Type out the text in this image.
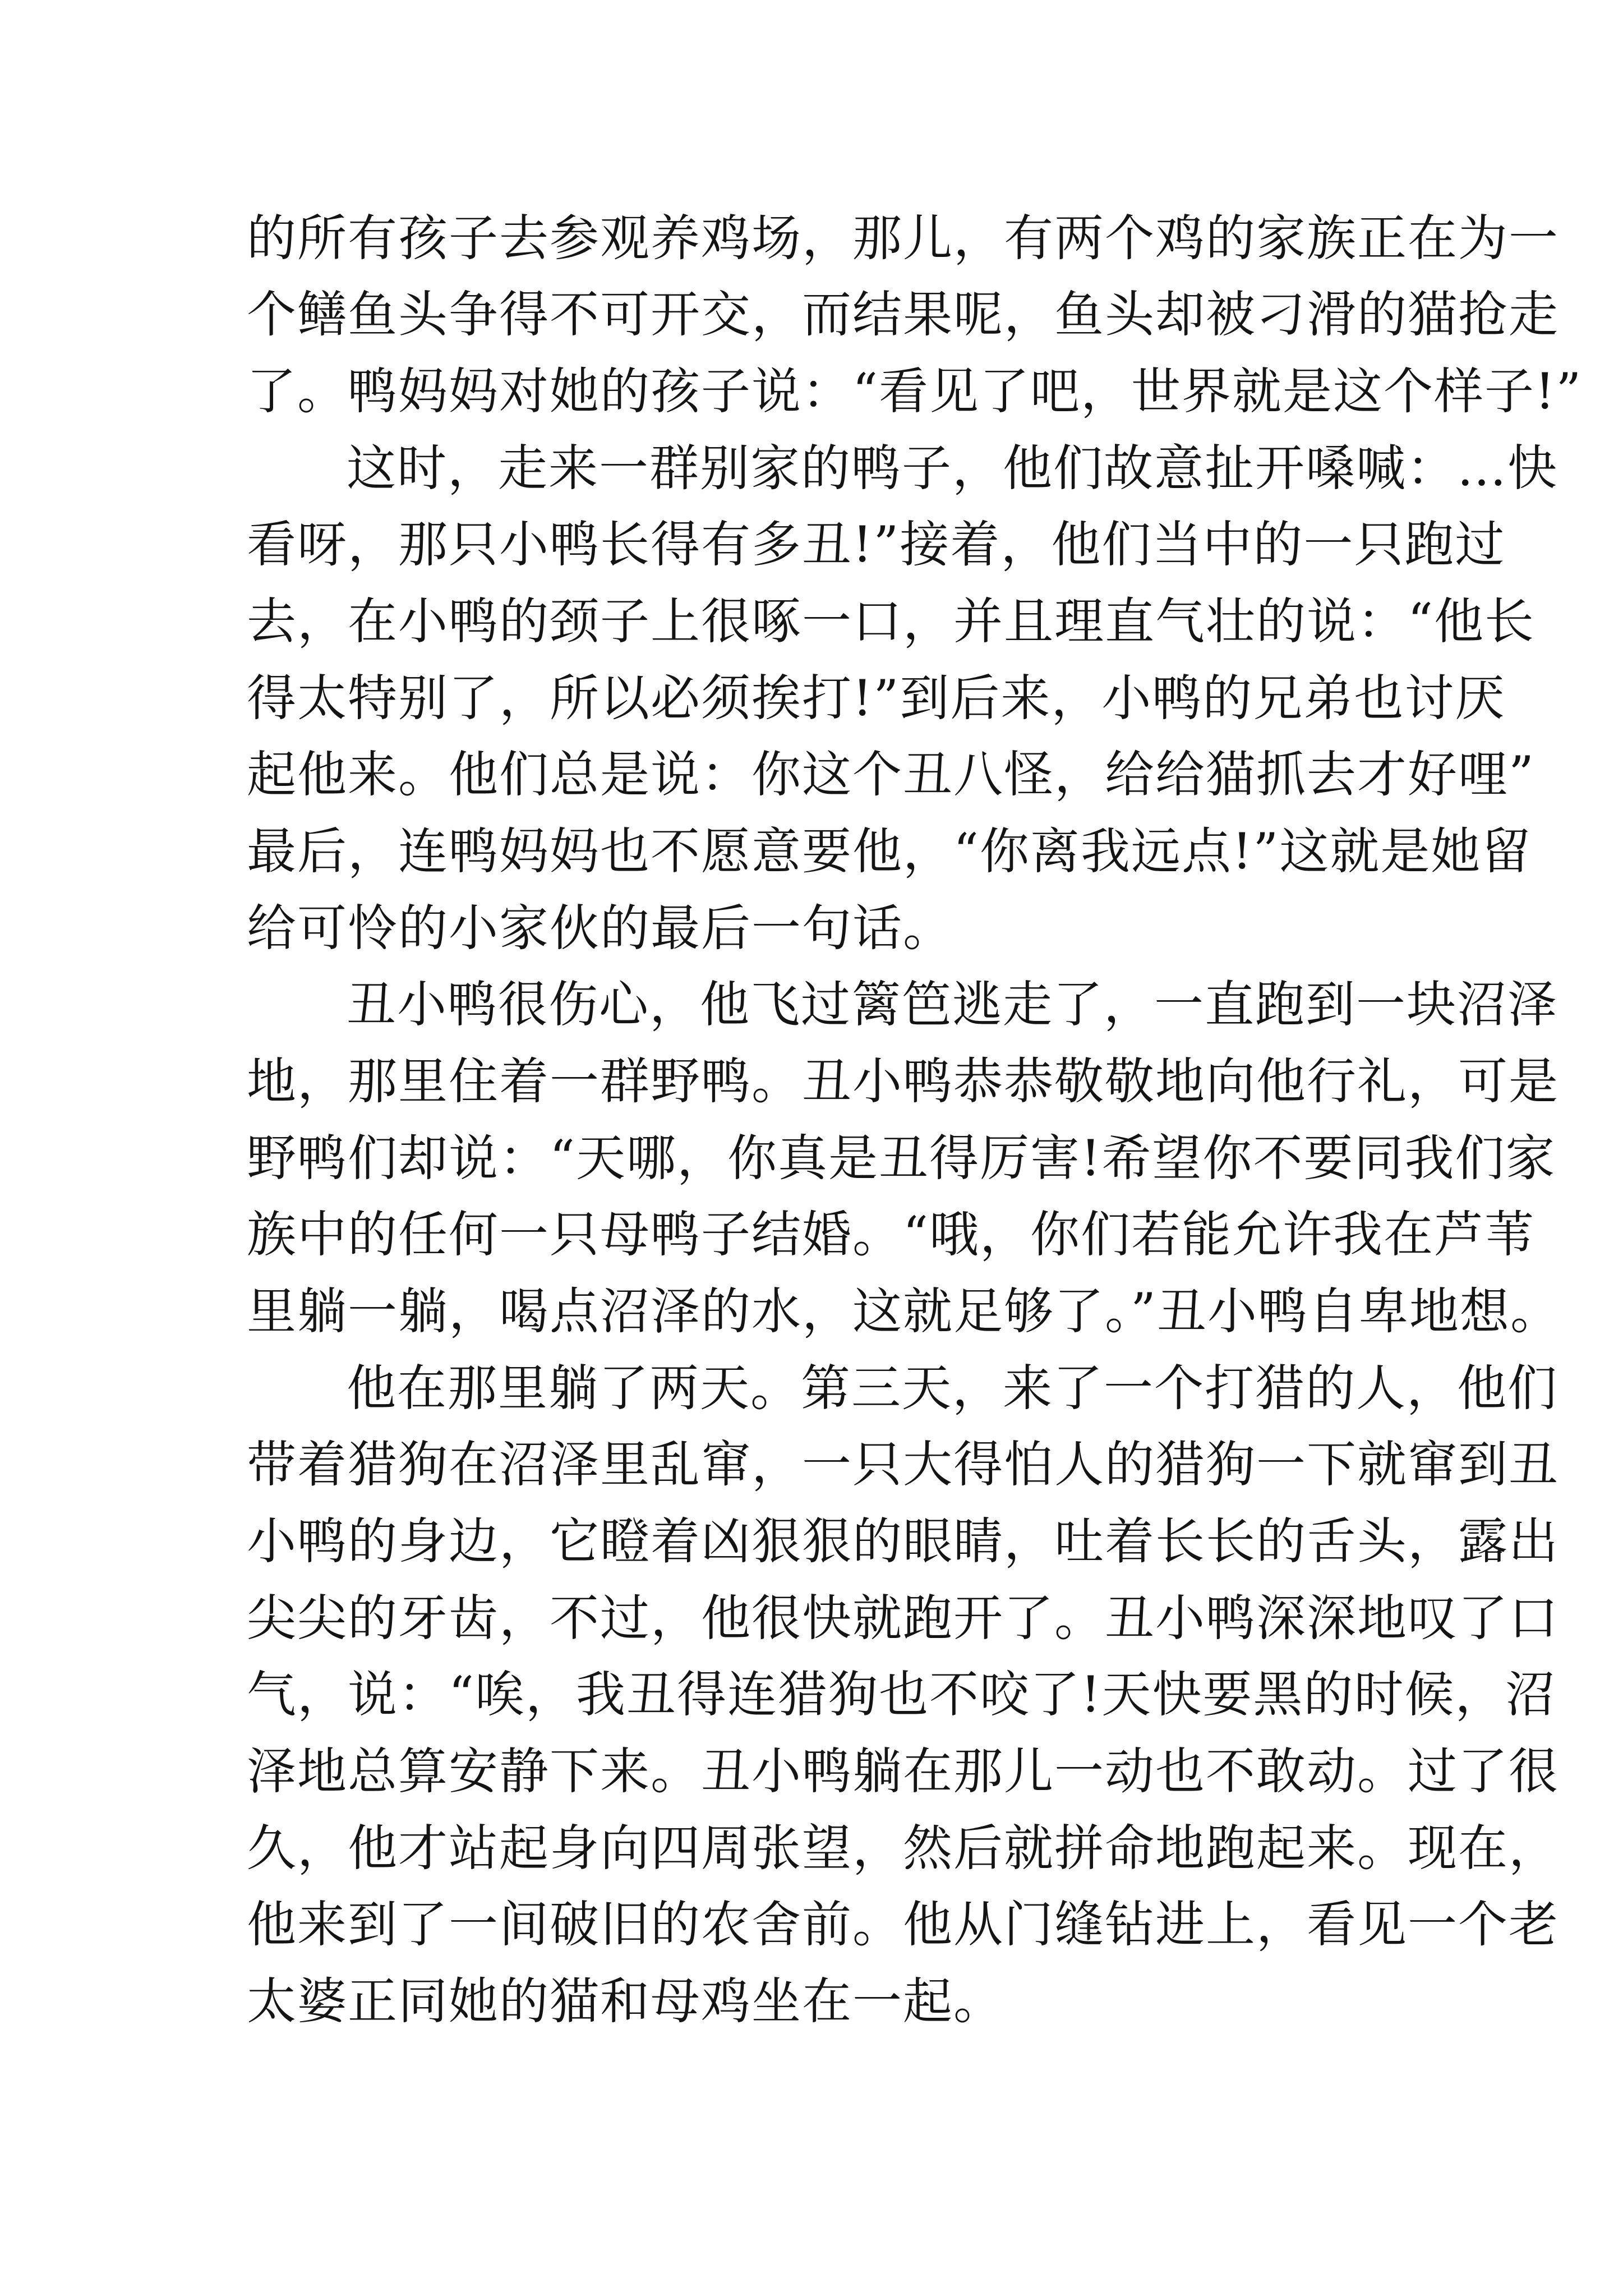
的所有孩子去参观养鸡场，那儿，有两个鸡的家族正在为一
个鳝鱼头争得不可开交，而结果呢，鱼头却被刁滑的猫抢走
了。鸭妈妈对她的孩子说：“看见了吧，世界就是这个样子!”
这时，走来一群别家的鸭子，他们故意扯开嗓喊：…快
看呀，那只小鸭长得有多丑!”接着，他们当中的一只跑过
去，在小鸭的颈子上很啄一口，并且理直气壮的说：“他长
得太特别了，所以必须挨打!”到后来，小鸭的兄弟也讨厌
起他来。他们总是说：你这个丑八怪，给给猫抓去才好哩”
最后，连鸭妈妈也不愿意要他，“你离我远点!”这就是她留
给可怜的小家伙的最后一句话。
丑小鸭很伤心，他飞过篱笆逃走了，一直跑到一块沼泽
地，那里住着一群野鸭。丑小鸭恭恭敬敬地向他行礼，可是
野鸭们却说：“天哪，你真是丑得厉害!希望你不要同我们家
族中的任何一只母鸭子结婚。“哦，你们若能允许我在芦苇
里躺一躺，喝点沼泽的水，这就足够了。”丑小鸭自卑地想。
他在那里躺了两天。第三天，来了一个打猎的人，他们
带着猎狗在沼泽里乱窜，一只大得怕人的猎狗一下就窜到丑
小鸭的身边，它瞪着凶狠狠的眼睛，吐着长长的舌头，露出
尖尖的牙齿，不过，他很快就跑开了。丑小鸭深深地叹了口
气，说：“唉，我丑得连猎狗也不咬了!天快要黑的时候，沼
泽地总算安静下来。丑小鸭躺在那儿一动也不敢动。过了很
久，他才站起身向四周张望，然后就拼命地跑起来。现在，
他来到了一间破旧的农舍前。他从门缝钻进上，看见一个老
太婆正同她的猫和母鸡坐在一起。
